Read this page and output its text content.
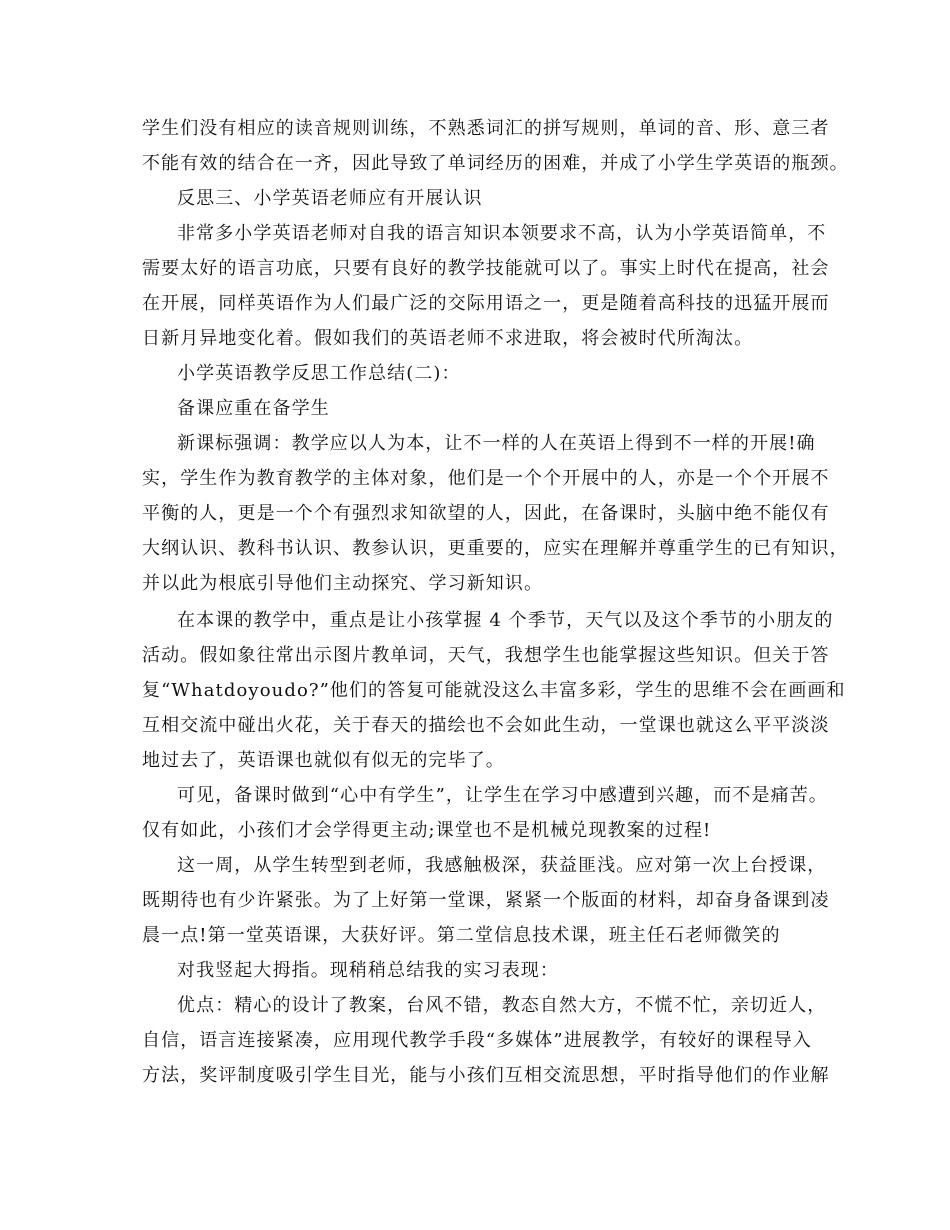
学生们没有相应的读音规则训练，不熟悉词汇的拼写规则，单词的音、形、意三者
不能有效的结合在一齐，因此导致了单词经历的困难，并成了小学生学英语的瓶颈。
反思三、小学英语老师应有开展认识
非常多小学英语老师对自我的语言知识本领要求不高，认为小学英语简单，不
需要太好的语言功底，只要有良好的教学技能就可以了。事实上时代在提高，社会
在开展，同样英语作为人们最广泛的交际用语之一，更是随着高科技的迅猛开展而
日新月异地变化着。假如我们的英语老师不求进取，将会被时代所淘汰。
小学英语教学反思工作总结(二)：
备课应重在备学生
新课标强调：教学应以人为本，让不一样的人在英语上得到不一样的开展!确
实，学生作为教育教学的主体对象，他们是一个个开展中的人，亦是一个个开展不
平衡的人，更是一个个有强烈求知欲望的人，因此，在备课时，头脑中绝不能仅有
大纲认识、教科书认识、教参认识，更重要的，应实在理解并尊重学生的已有知识，
并以此为根底引导他们主动探究、学习新知识。
在本课的教学中，重点是让小孩掌握 4 个季节，天气以及这个季节的小朋友的
活动。假如象往常出示图片教单词，天气，我想学生也能掌握这些知识。但关于答
复“Whatdoyoudo?”他们的答复可能就没这么丰富多彩，学生的思维不会在画画和
互相交流中碰出火花，关于春天的描绘也不会如此生动，一堂课也就这么平平淡淡
地过去了，英语课也就似有似无的完毕了。
可见，备课时做到“心中有学生”，让学生在学习中感遭到兴趣，而不是痛苦。
仅有如此，小孩们才会学得更主动;课堂也不是机械兑现教案的过程!
这一周，从学生转型到老师，我感触极深，获益匪浅。应对第一次上台授课，
既期待也有少许紧张。为了上好第一堂课，紧紧一个版面的材料，却奋身备课到凌
晨一点!第一堂英语课，大获好评。第二堂信息技术课，班主任石老师微笑的
对我竖起大拇指。现稍稍总结我的实习表现：
优点：精心的设计了教案，台风不错，教态自然大方，不慌不忙，亲切近人，
自信，语言连接紧凑，应用现代教学手段“多媒体”进展教学，有较好的课程导入
方法，奖评制度吸引学生目光，能与小孩们互相交流思想，平时指导他们的作业解
